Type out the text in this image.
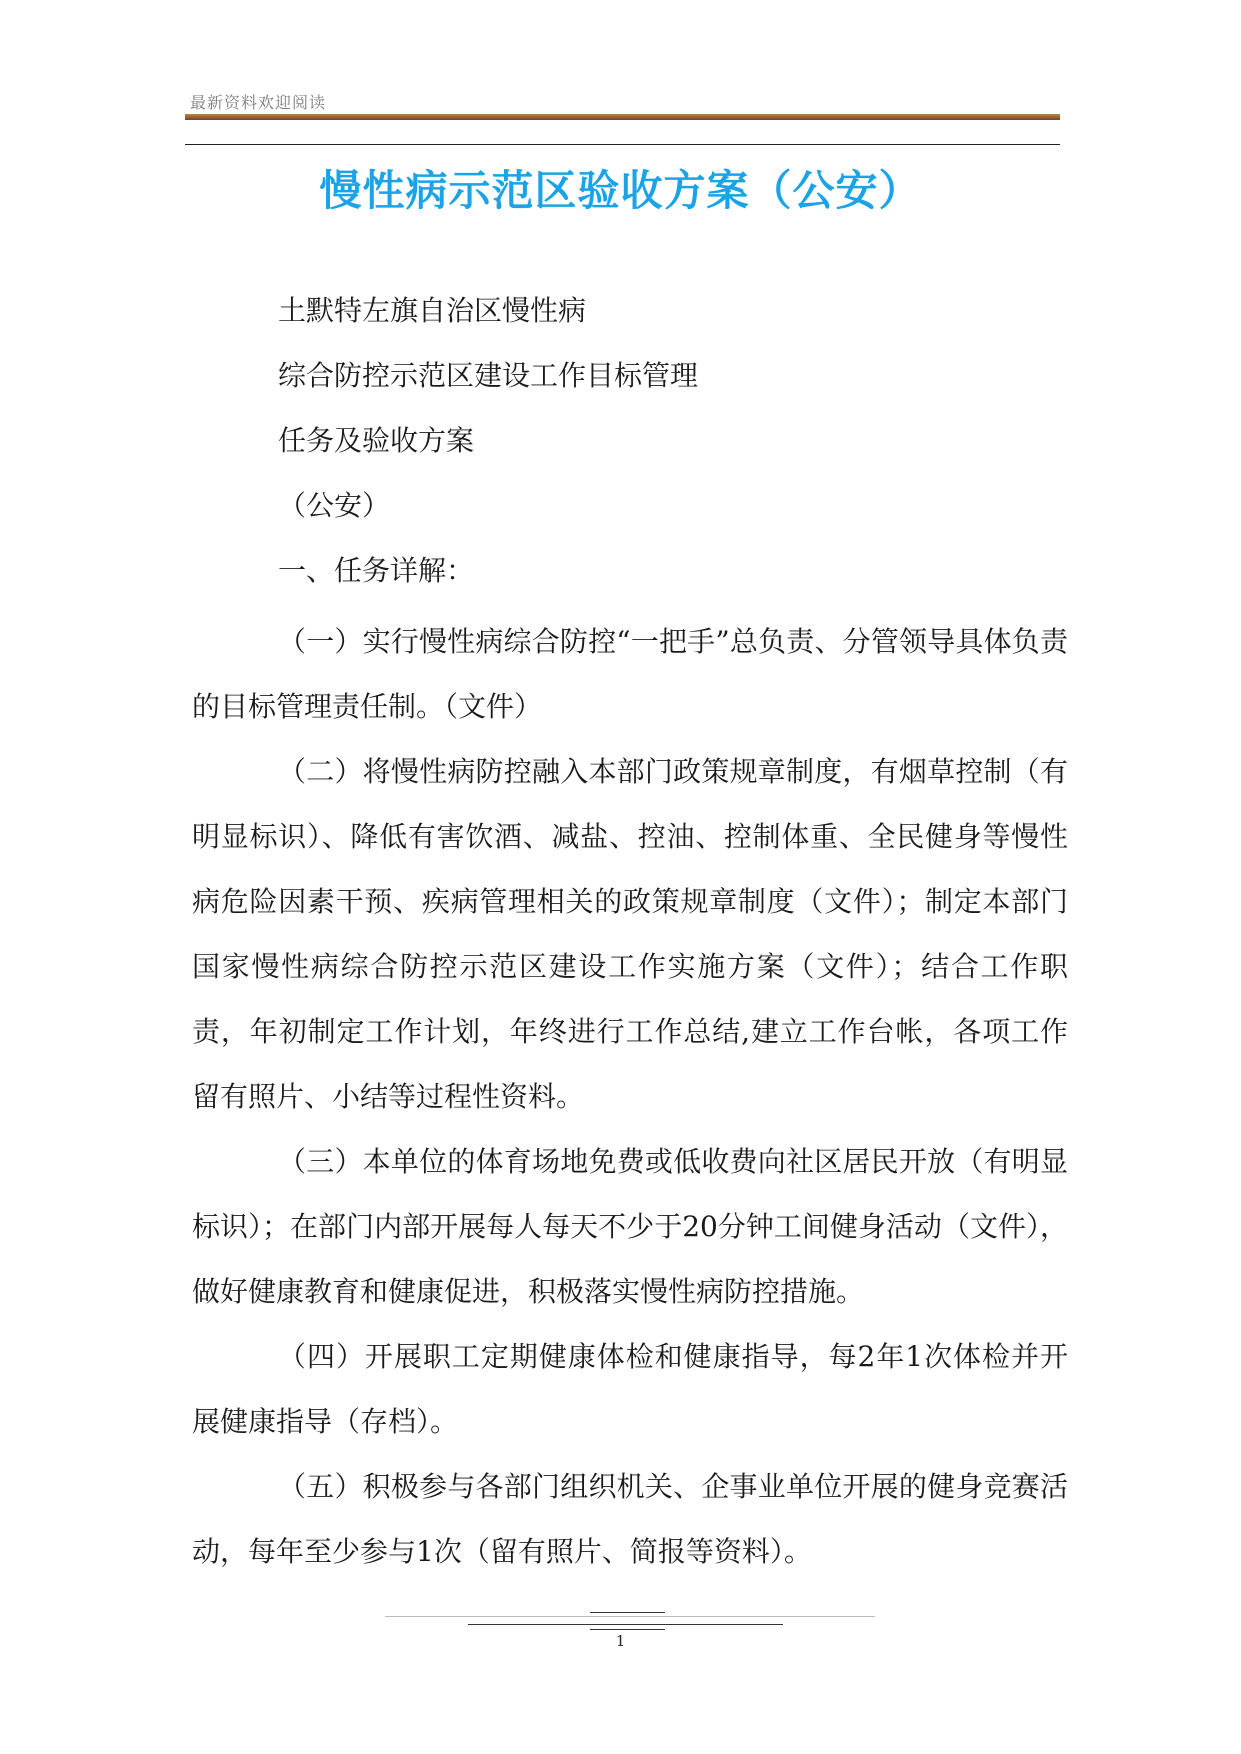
最新资料欢迎阅读
慢性病示范区验收方案（公安）
土默特左旗自治区慢性病
综合防控示范区建设工作目标管理
任务及验收方案
（公安）
一、任务详解：

（一）实行慢性病综合防控“一把手”总负责、分管领导具体负责的目标管理责任制。（文件）

（二）将慢性病防控融入本部门政策规章制度，有烟草控制（有明显标识）、降低有害饮酒、减盐、控油、控制体重、全民健身等慢性病危险因素干预、疾病管理相关的政策规章制度（文件）；制定本部门国家慢性病综合防控示范区建设工作实施方案（文件）；结合工作职责，年初制定工作计划，年终进行工作总结,建立工作台帐，各项工作留有照片、小结等过程性资料。

（三）本单位的体育场地免费或低收费向社区居民开放（有明显标识）；在部门内部开展每人每天不少于20分钟工间健身活动（文件），做好健康教育和健康促进，积极落实慢性病防控措施。

（四）开展职工定期健康体检和健康指导，每2年1次体检并开展健康指导（存档）。

（五）积极参与各部门组织机关、企事业单位开展的健身竞赛活动，每年至少参与1次（留有照片、简报等资料）。

1
